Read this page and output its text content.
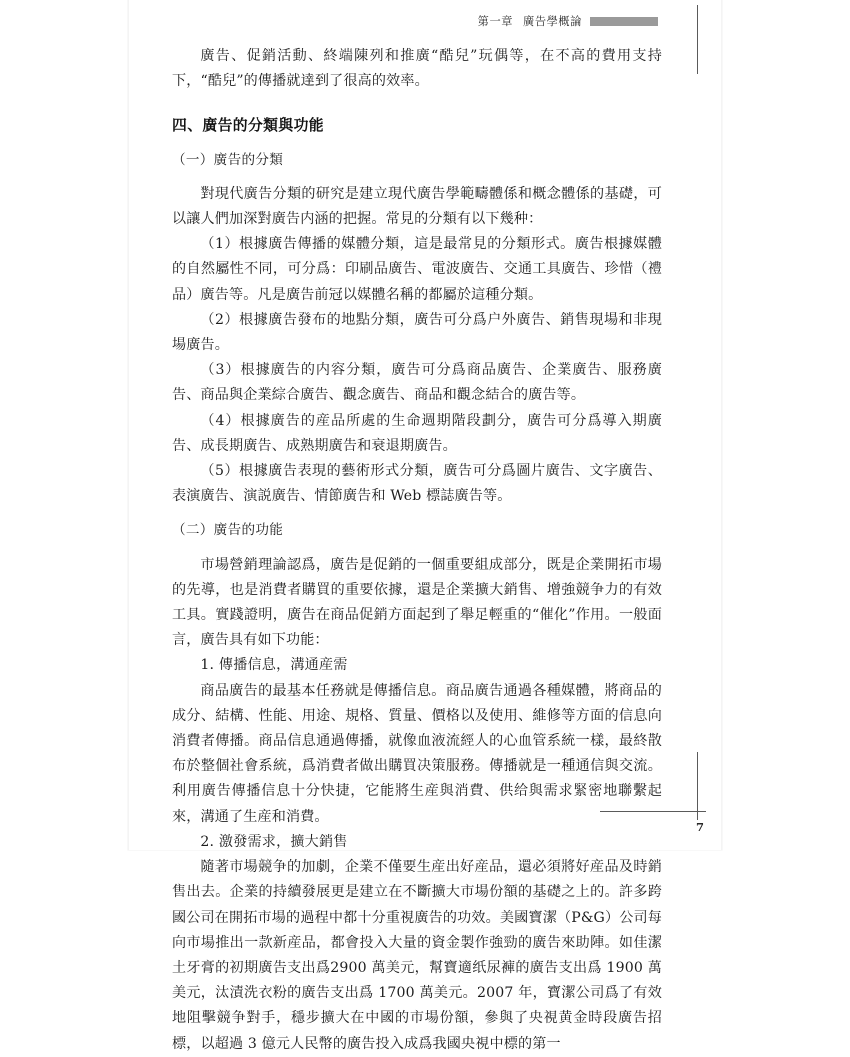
第一章 廣告學概論
7

廣告、促銷活動、終端陳列和推廣“酷兒”玩偶等，在不高的費用支持下，“酷兒”的傳播就達到了很高的效率。

四、廣告的分類與功能

（一）廣告的分類

對現代廣告分類的研究是建立現代廣告學範疇體係和概念體係的基礎，可以讓人們加深對廣告内涵的把握。常見的分類有以下幾种：

（1）根據廣告傳播的媒體分類，這是最常見的分類形式。廣告根據媒體的自然屬性不同，可分爲：印刷品廣告、電波廣告、交通工具廣告、珍惜（禮品）廣告等。凡是廣告前冠以媒體名稱的都屬於這種分類。

（2）根據廣告發布的地點分類，廣告可分爲户外廣告、銷售現場和非現場廣告。

（3）根據廣告的内容分類，廣告可分爲商品廣告、企業廣告、服務廣告、商品與企業綜合廣告、觀念廣告、商品和觀念結合的廣告等。

（4）根據廣告的産品所處的生命週期階段劃分，廣告可分爲導入期廣告、成長期廣告、成熟期廣告和衰退期廣告。

（5）根據廣告表現的藝術形式分類，廣告可分爲圖片廣告、文字廣告、表演廣告、演説廣告、情節廣告和 Web 標誌廣告等。

（二）廣告的功能

市場營銷理論認爲，廣告是促銷的一個重要組成部分，既是企業開拓市場的先導，也是消費者購買的重要依據，還是企業擴大銷售、增強競争力的有效工具。實踐證明，廣告在商品促銷方面起到了舉足輕重的“催化”作用。一般面言，廣告具有如下功能：

1. 傳播信息，溝通産需

商品廣告的最基本任務就是傳播信息。商品廣告通過各種媒體，將商品的成分、結構、性能、用途、規格、質量、價格以及使用、維修等方面的信息向消費者傳播。商品信息通過傳播，就像血液流經人的心血管系統一樣，最終散布於整個社會系統，爲消費者做出購買决策服務。傳播就是一種通信與交流。利用廣告傳播信息十分快捷，它能將生産與消費、供给與需求緊密地聯繫起來，溝通了生産和消費。

2. 激發需求，擴大銷售

隨著市場競争的加劇，企業不僅要生産出好産品，還必須將好産品及時銷售出去。企業的持續發展更是建立在不斷擴大市場份額的基礎之上的。許多跨國公司在開拓市場的過程中都十分重視廣告的功效。美國寶潔（P&G）公司每向市場推出一款新産品，都會投入大量的資金製作強勁的廣告來助陣。如佳潔土牙膏的初期廣告支出爲2900 萬美元，幫寶適纸尿褲的廣告支出爲 1900 萬美元，汰漬洗衣粉的廣告支出爲 1700 萬美元。2007 年，寶潔公司爲了有效地阻擊競争對手，穩步擴大在中國的市場份額，參與了央視黄金時段廣告招標，以超過 3 億元人民幣的廣告投入成爲我國央視中標的第一
